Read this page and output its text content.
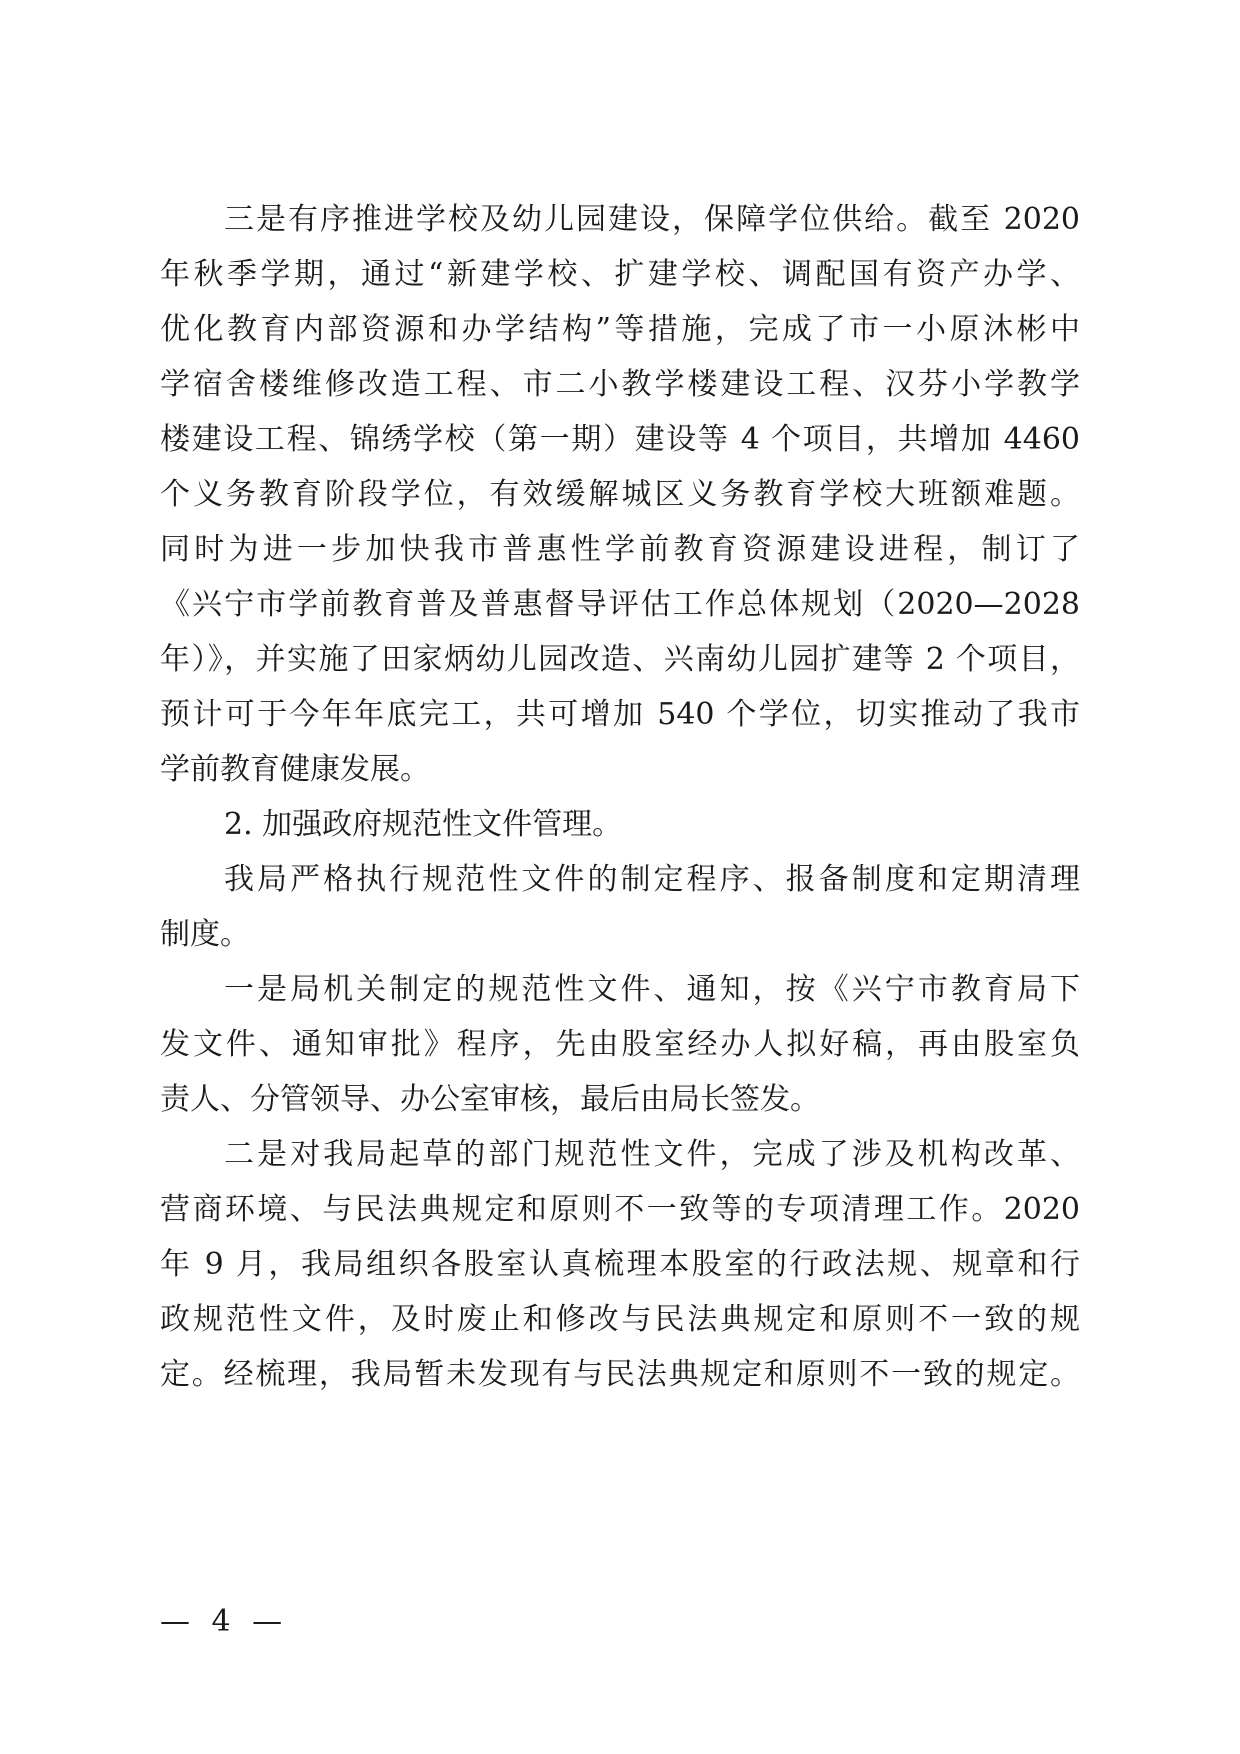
三是有序推进学校及幼儿园建设，保障学位供给。截至 2020
年秋季学期，通过“新建学校、扩建学校、调配国有资产办学、
优化教育内部资源和办学结构”等措施，完成了市一小原沐彬中
学宿舍楼维修改造工程、市二小教学楼建设工程、汉芬小学教学
楼建设工程、锦绣学校（第一期）建设等 4 个项目，共增加 4460
个义务教育阶段学位，有效缓解城区义务教育学校大班额难题。
同时为进一步加快我市普惠性学前教育资源建设进程，制订了
《兴宁市学前教育普及普惠督导评估工作总体规划（2020—2028
年）》，并实施了田家炳幼儿园改造、兴南幼儿园扩建等 2 个项目，
预计可于今年年底完工，共可增加 540 个学位，切实推动了我市
学前教育健康发展。
2. 加强政府规范性文件管理。
我局严格执行规范性文件的制定程序、报备制度和定期清理
制度。
一是局机关制定的规范性文件、通知，按《兴宁市教育局下
发文件、通知审批》程序，先由股室经办人拟好稿，再由股室负
责人、分管领导、办公室审核，最后由局长签发。
二是对我局起草的部门规范性文件，完成了涉及机构改革、
营商环境、与民法典规定和原则不一致等的专项清理工作。2020
年 9 月，我局组织各股室认真梳理本股室的行政法规、规章和行
政规范性文件，及时废止和修改与民法典规定和原则不一致的规
定。经梳理，我局暂未发现有与民法典规定和原则不一致的规定。
— 4 —
